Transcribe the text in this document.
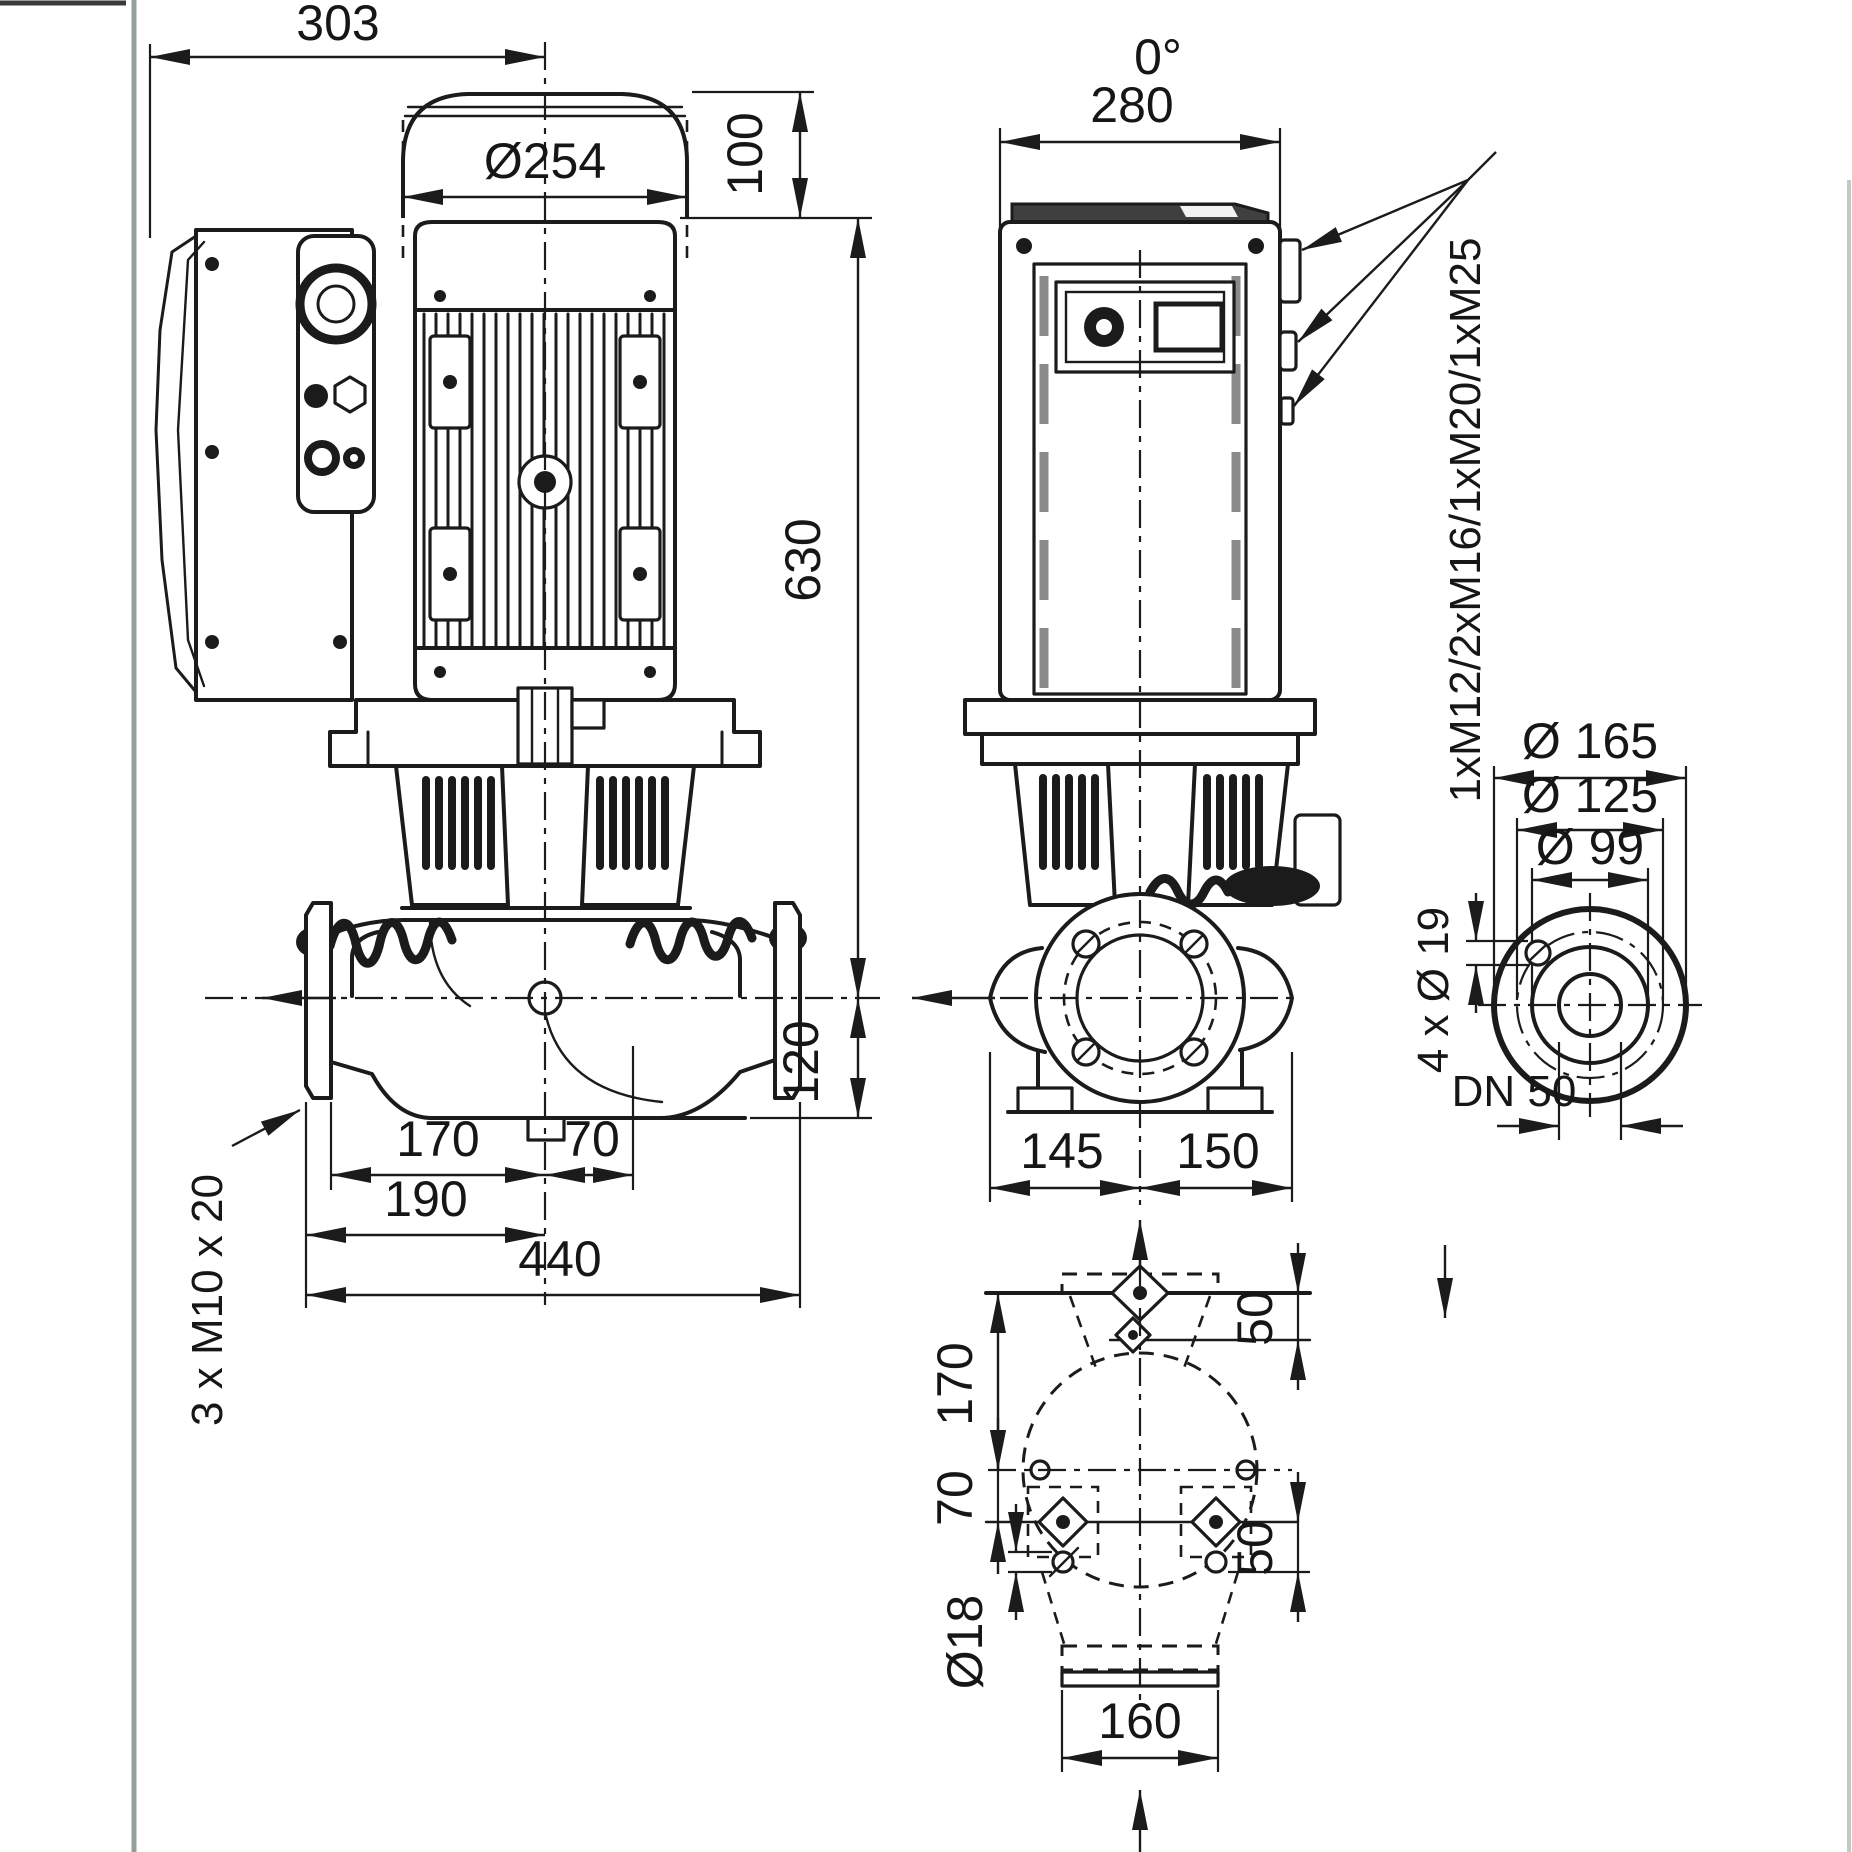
303
Ø254 100
630
120
170 70
190
440
3 x M10 x 20
0°
280
1xM12/2xM16/1xM20/1xM25
145 150
Ø 165
Ø 125
Ø 99
4 x Ø 19
DN 50
170
70
50
50
Ø18
160
